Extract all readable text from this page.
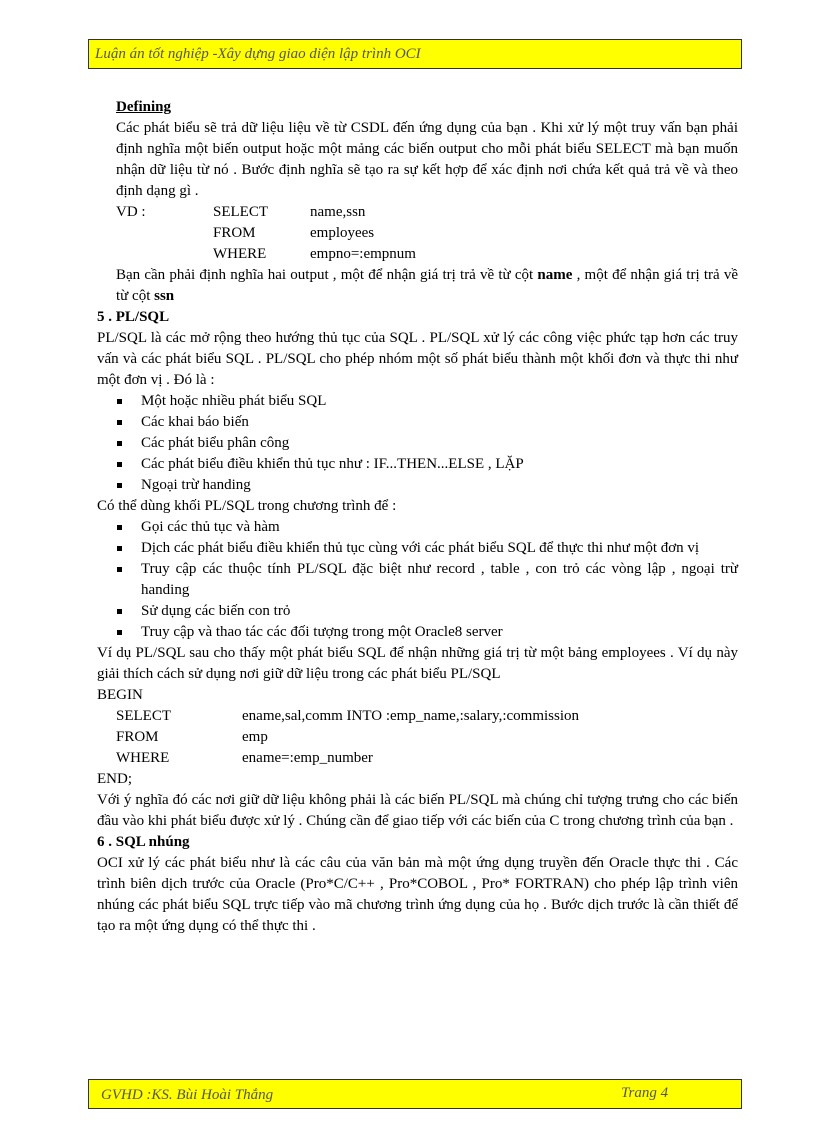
Luận án tốt nghiệp -Xây dựng giao diện lập trình OCI

Defining

Các phát biểu sẽ trả dữ liệu liệu về từ CSDL đến ứng dụng của bạn . Khi xử lý một truy vấn bạn phải định nghĩa một biến output hoặc một mảng các biến output cho mỗi phát biểu SELECT mà bạn muốn nhận dữ liệu từ nó . Bước định nghĩa sẽ tạo ra sự kết hợp để xác định nơi chứa kết quả trả về và theo định dạng gì .

VD :	SELECT	name,ssn
FROM	employees
WHERE	empno=:empnum

Bạn cần phải định nghĩa hai output , một để nhận giá trị trả về từ cột name , một để nhận giá trị trả về từ cột ssn

5 . PL/SQL

PL/SQL là các mở rộng theo hướng thủ tục của SQL . PL/SQL xử lý các công việc phức tạp hơn các truy vấn và các phát biểu SQL . PL/SQL cho phép nhóm một số phát biểu thành một khối đơn và thực thi như một đơn vị . Đó là :

Một hoặc nhiều phát biểu SQL
Các khai báo biến
Các phát biểu phân công
Các phát biểu điều khiển thủ tục như : IF...THEN...ELSE , LẶP
Ngoại trừ handing

Có thể dùng khối PL/SQL trong chương trình để :

Gọi các thủ tục và hàm
Dịch các phát biểu điều khiển thủ tục cùng với các phát biểu SQL để thực thi như một đơn vị
Truy cập các thuộc tính PL/SQL đặc biệt như record , table , con trỏ các vòng lập , ngoại trừ handing
Sử dụng các biến con trỏ
Truy cập và thao tác các đối tượng trong một Oracle8 server

Ví dụ PL/SQL sau cho thấy một phát biểu SQL để nhận những giá trị từ một bảng employees . Ví dụ này giải thích cách sử dụng nơi giữ dữ liệu trong các phát biểu PL/SQL

BEGIN
SELECT	ename,sal,comm INTO :emp_name,:salary,:commission
FROM	emp
WHERE	ename=:emp_number
END;

Với ý nghĩa đó các nơi giữ dữ liệu không phải là các biến PL/SQL mà chúng chỉ tượng trưng cho các biến đầu vào khi phát biểu được xử lý . Chúng cần để giao tiếp với các biến của C trong chương trình của bạn .

6 . SQL nhúng

OCI xử lý các phát biểu như là các câu của văn bản mà một ứng dụng truyền đến Oracle thực thi . Các trình biên dịch trước của Oracle (Pro*C/C++ , Pro*COBOL , Pro* FORTRAN) cho phép lập trình viên nhúng các phát biểu SQL trực tiếp vào mã chương trình ứng dụng của họ . Bước dịch trước là cần thiết để tạo ra một ứng dụng có thể thực thi .

GVHD :KS. Bùi Hoài Thắng	Trang 4
